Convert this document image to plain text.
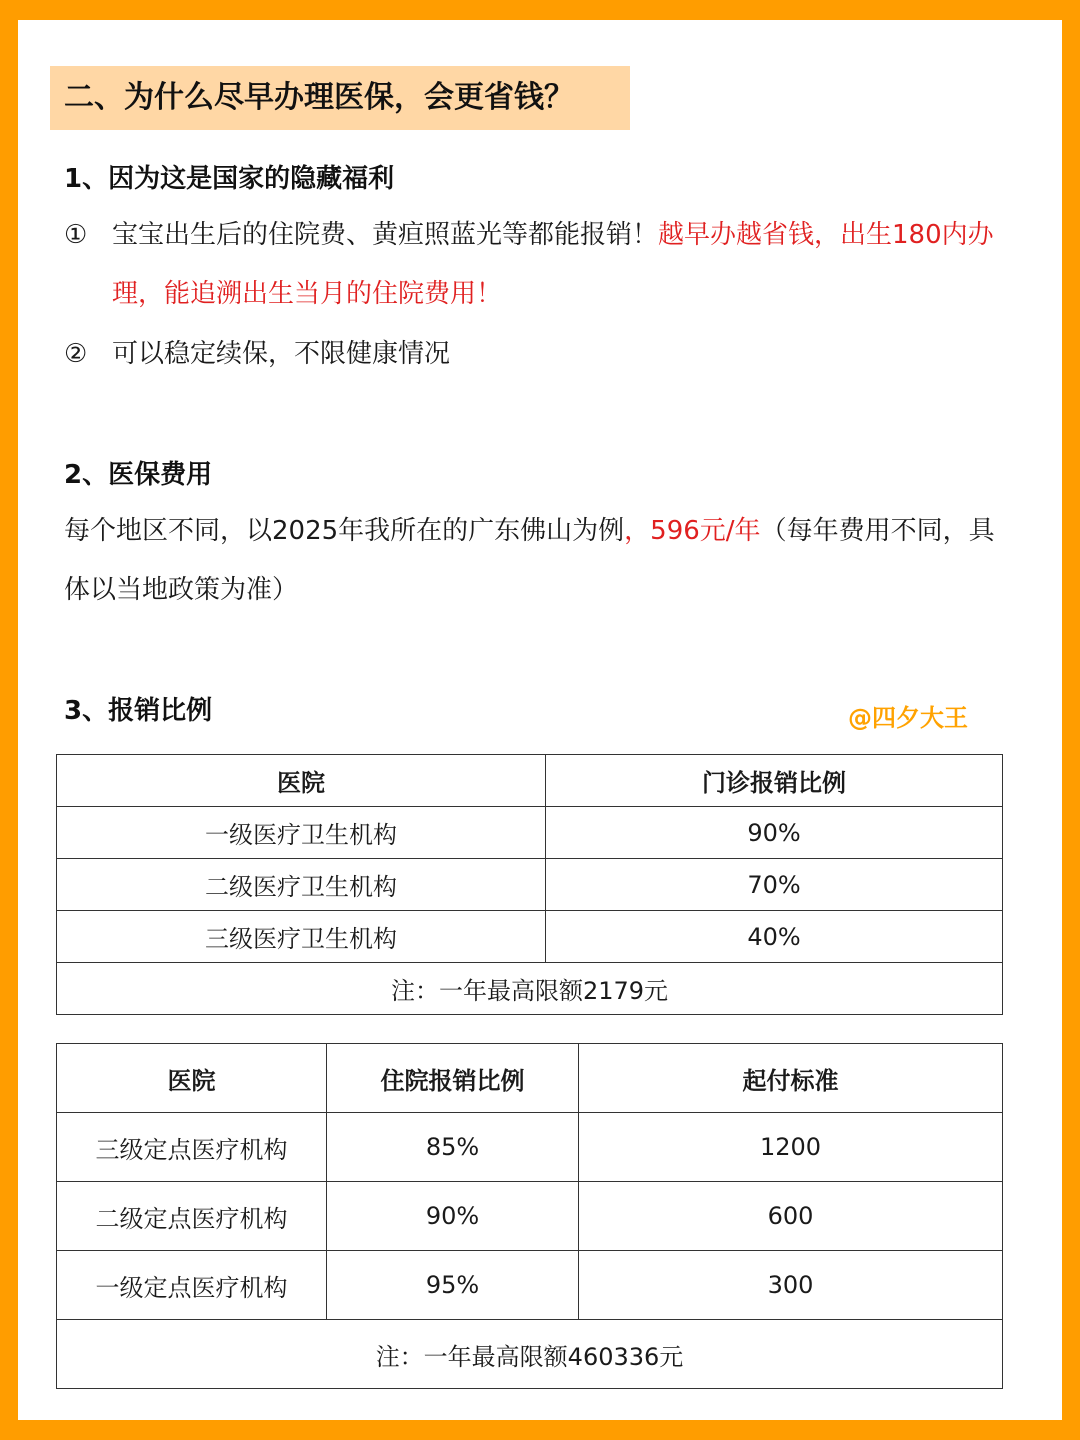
二、为什么尽早办理医保，会更省钱？
1、因为这是国家的隐藏福利
① 宝宝出生后的住院费、黄疸照蓝光等都能报销！越早办越省钱，出生180内办理，能追溯出生当月的住院费用！
② 可以稳定续保，不限健康情况
2、医保费用
每个地区不同，以2025年我所在的广东佛山为例，596元/年（每年费用不同，具体以当地政策为准）
3、报销比例	@四夕大王
医院	门诊报销比例
一级医疗卫生机构	90%
二级医疗卫生机构	70%
三级医疗卫生机构	40%
注：一年最高限额2179元	
医院	住院报销比例	起付标准
三级定点医疗机构	85%	1200
二级定点医疗机构	90%	600
一级定点医疗机构	95%	300
注：一年最高限额460336元		
